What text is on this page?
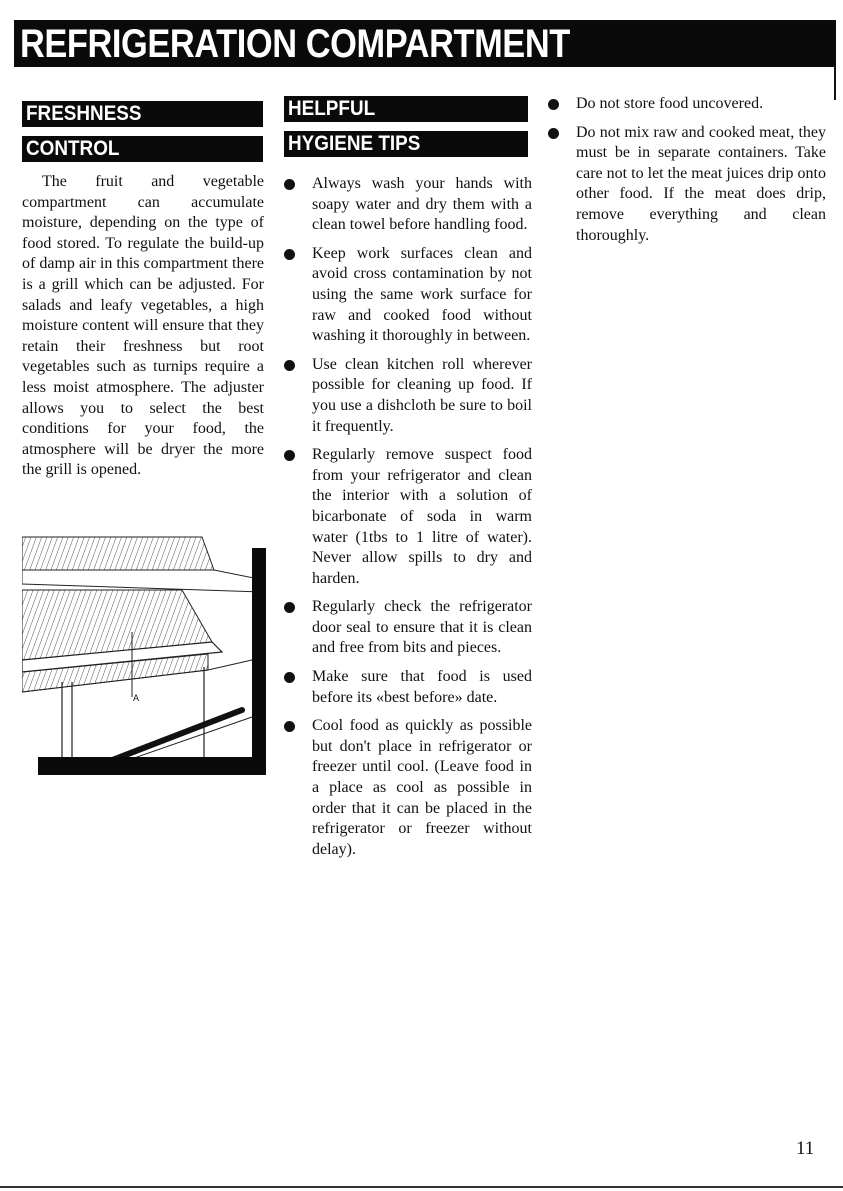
REFRIGERATION COMPARTMENT
FRESHNESS
CONTROL

The fruit and vegetable compartment can accumulate moisture, depending on the type of food stored. To regulate the build-up of damp air in this compartment there is a grill which can be adjusted. For salads and leafy vegetables, a high moisture content will ensure that they retain their freshness but root vegetables such as turnips require a less moist atmosphere. The adjuster allows you to select the best conditions for your food, the atmosphere will be dryer the more the grill is opened.

A
HELPFUL
HYGIENE TIPS
Always wash your hands with soapy water and dry them with a clean towel before handling food.
Keep work surfaces clean and avoid cross contamination by not using the same work surface for raw and cooked food without washing it thoroughly in between.
Use clean kitchen roll wherever possible for cleaning up food. If you use a dishcloth be sure to boil it frequently.
Regularly remove suspect food from your refrigerator and clean the interior with a solution of bicarbonate of soda in warm water (1tbs to 1 litre of water). Never allow spills to dry and harden.
Regularly check the refrigerator door seal to ensure that it is clean and free from bits and pieces.
Make sure that food is used before its «best before» date.
Cool food as quickly as possible but don't place in refrigerator or freezer until cool. (Leave food in a place as cool as possible in order that it can be placed in the refrigerator or freezer without delay).
Do not store food uncovered.
Do not mix raw and cooked meat, they must be in separate containers. Take care not to let the meat juices drip onto other food. If the meat does drip, remove everything and clean thoroughly.
11
